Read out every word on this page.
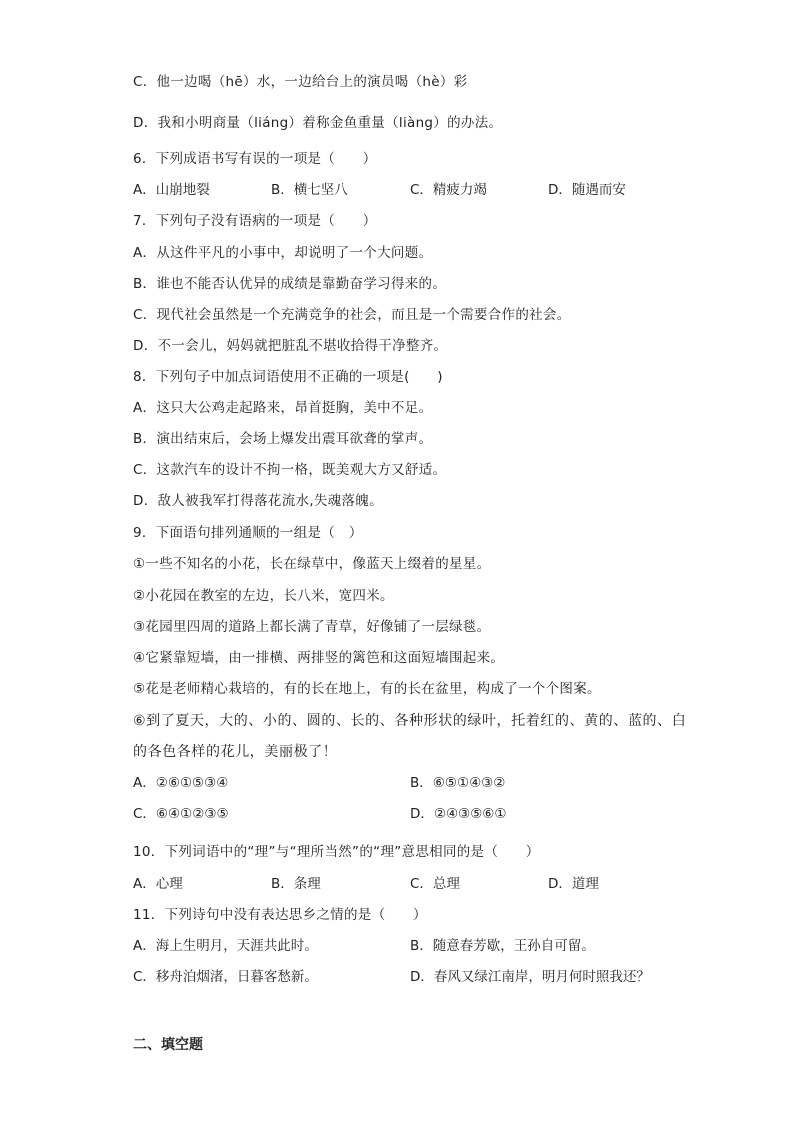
C．他一边喝（hē）水，一边给台上的演员喝（hè）彩
D．我和小明商量（liáng）着称金鱼重量（liàng）的办法。
6．下列成语书写有误的一项是（　　）
A．山崩地裂	B．横七坚八	C．精疲力竭	D．随遇而安
7．下列句子没有语病的一项是（　　）
A．从这件平凡的小事中，却说明了一个大问题。
B．谁也不能否认优异的成绩是靠勤奋学习得来的。
C．现代社会虽然是一个充满竞争的社会，而且是一个需要合作的社会。
D．不一会儿，妈妈就把脏乱不堪收拾得干净整齐。
8．下列句子中加点词语使用不正确的一项是(　　)
A．这只大公鸡走起路来，昂首挺胸，美中不足。
B．演出结束后，会场上爆发出震耳欲聋的掌声。
C．这款汽车的设计不拘一格，既美观大方又舒适。
D．敌人被我军打得落花流水,失魂落魄。
9．下面语句排列通顺的一组是（　）
①一些不知名的小花，长在绿草中，像蓝天上缀着的星星。
②小花园在教室的左边，长八米，宽四米。
③花园里四周的道路上都长满了青草，好像铺了一层绿毯。
④它紧靠短墙，由一排横、两排竖的篱笆和这面短墙围起来。
⑤花是老师精心栽培的，有的长在地上，有的长在盆里，构成了一个个图案。
⑥到了夏天，大的、小的、圆的、长的、各种形状的绿叶，托着红的、黄的、蓝的、白
的各色各样的花儿，美丽极了！
A．②⑥①⑤③④	B．⑥⑤①④③②
C．⑥④①②③⑤	D．②④③⑤⑥①
10．下列词语中的“理”与“理所当然”的“理”意思相同的是（　　）
A．心理	B．条理	C．总理	D．道理
11．下列诗句中没有表达思乡之情的是（　　）
A．海上生明月，天涯共此时。	B．随意春芳歇，王孙自可留。
C．移舟泊烟渚，日暮客愁新。	D．春风又绿江南岸，明月何时照我还？
二、填空题
